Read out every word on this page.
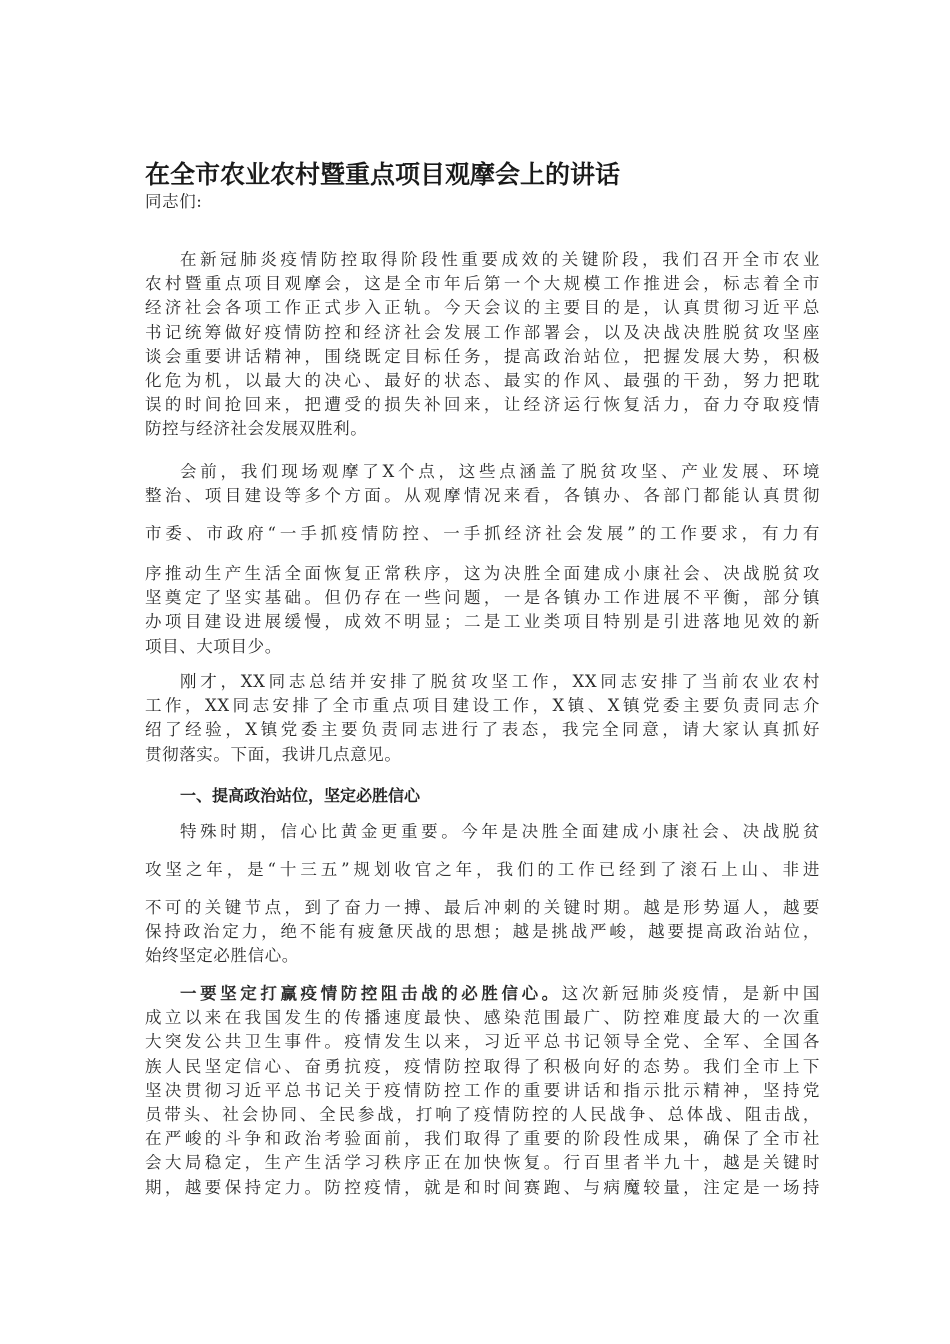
在全市农业农村暨重点项目观摩会上的讲话
同志们:
在新冠肺炎疫情防控取得阶段性重要成效的关键阶段，我们召开全市农业
农村暨重点项目观摩会，这是全市年后第一个大规模工作推进会，标志着全市
经济社会各项工作正式步入正轨。今天会议的主要目的是，认真贯彻习近平总
书记统筹做好疫情防控和经济社会发展工作部署会，以及决战决胜脱贫攻坚座
谈会重要讲话精神，围绕既定目标任务，提高政治站位，把握发展大势，积极
化危为机，以最大的决心、最好的状态、最实的作风、最强的干劲，努力把耽
误的时间抢回来，把遭受的损失补回来，让经济运行恢复活力，奋力夺取疫情
防控与经济社会发展双胜利。
会前，我们现场观摩了X个点，这些点涵盖了脱贫攻坚、产业发展、环境
整治、项目建设等多个方面。从观摩情况来看，各镇办、各部门都能认真贯彻
市委、市政府“一手抓疫情防控、一手抓经济社会发展”的工作要求，有力有
序推动生产生活全面恢复正常秩序，这为决胜全面建成小康社会、决战脱贫攻
坚奠定了坚实基础。但仍存在一些问题，一是各镇办工作进展不平衡，部分镇
办项目建设进展缓慢，成效不明显；二是工业类项目特别是引进落地见效的新
项目、大项目少。
刚才，XX同志总结并安排了脱贫攻坚工作，XX同志安排了当前农业农村
工作，XX同志安排了全市重点项目建设工作，X镇、X镇党委主要负责同志介
绍了经验，X镇党委主要负责同志进行了表态，我完全同意，请大家认真抓好
贯彻落实。下面，我讲几点意见。
一、提高政治站位，坚定必胜信心
特殊时期，信心比黄金更重要。今年是决胜全面建成小康社会、决战脱贫
攻坚之年，是“十三五”规划收官之年，我们的工作已经到了滚石上山、非进
不可的关键节点，到了奋力一搏、最后冲刺的关键时期。越是形势逼人，越要
保持政治定力，绝不能有疲惫厌战的思想；越是挑战严峻，越要提高政治站位，
始终坚定必胜信心。
一要坚定打赢疫情防控阻击战的必胜信心。这次新冠肺炎疫情，是新中国
成立以来在我国发生的传播速度最快、感染范围最广、防控难度最大的一次重
大突发公共卫生事件。疫情发生以来，习近平总书记领导全党、全军、全国各
族人民坚定信心、奋勇抗疫，疫情防控取得了积极向好的态势。我们全市上下
坚决贯彻习近平总书记关于疫情防控工作的重要讲话和指示批示精神，坚持党
员带头、社会协同、全民参战，打响了疫情防控的人民战争、总体战、阻击战，
在严峻的斗争和政治考验面前，我们取得了重要的阶段性成果，确保了全市社
会大局稳定，生产生活学习秩序正在加快恢复。行百里者半九十，越是关键时
期，越要保持定力。防控疫情，就是和时间赛跑、与病魔较量，注定是一场持
